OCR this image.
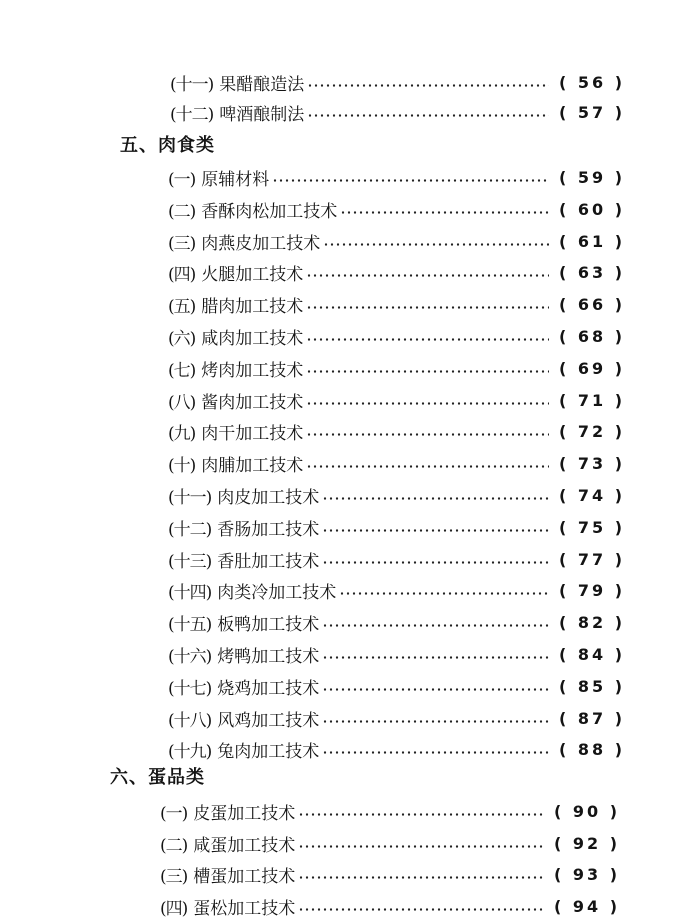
(十一) 果醋酿造法	( 56 )
(十二) 啤酒酿制法	( 57 )
五、肉食类
(一) 原辅材料	( 59 )
(二) 香酥肉松加工技术	( 60 )
(三) 肉燕皮加工技术	( 61 )
(四) 火腿加工技术	( 63 )
(五) 腊肉加工技术	( 66 )
(六) 咸肉加工技术	( 68 )
(七) 烤肉加工技术	( 69 )
(八) 酱肉加工技术	( 71 )
(九) 肉干加工技术	( 72 )
(十) 肉脯加工技术	( 73 )
(十一) 肉皮加工技术	( 74 )
(十二) 香肠加工技术	( 75 )
(十三) 香肚加工技术	( 77 )
(十四) 肉类冷加工技术	( 79 )
(十五) 板鸭加工技术	( 82 )
(十六) 烤鸭加工技术	( 84 )
(十七) 烧鸡加工技术	( 85 )
(十八) 风鸡加工技术	( 87 )
(十九) 兔肉加工技术	( 88 )
六、蛋品类
(一) 皮蛋加工技术	( 90 )
(二) 咸蛋加工技术	( 92 )
(三) 槽蛋加工技术	( 93 )
(四) 蛋松加工技术	( 94 )
